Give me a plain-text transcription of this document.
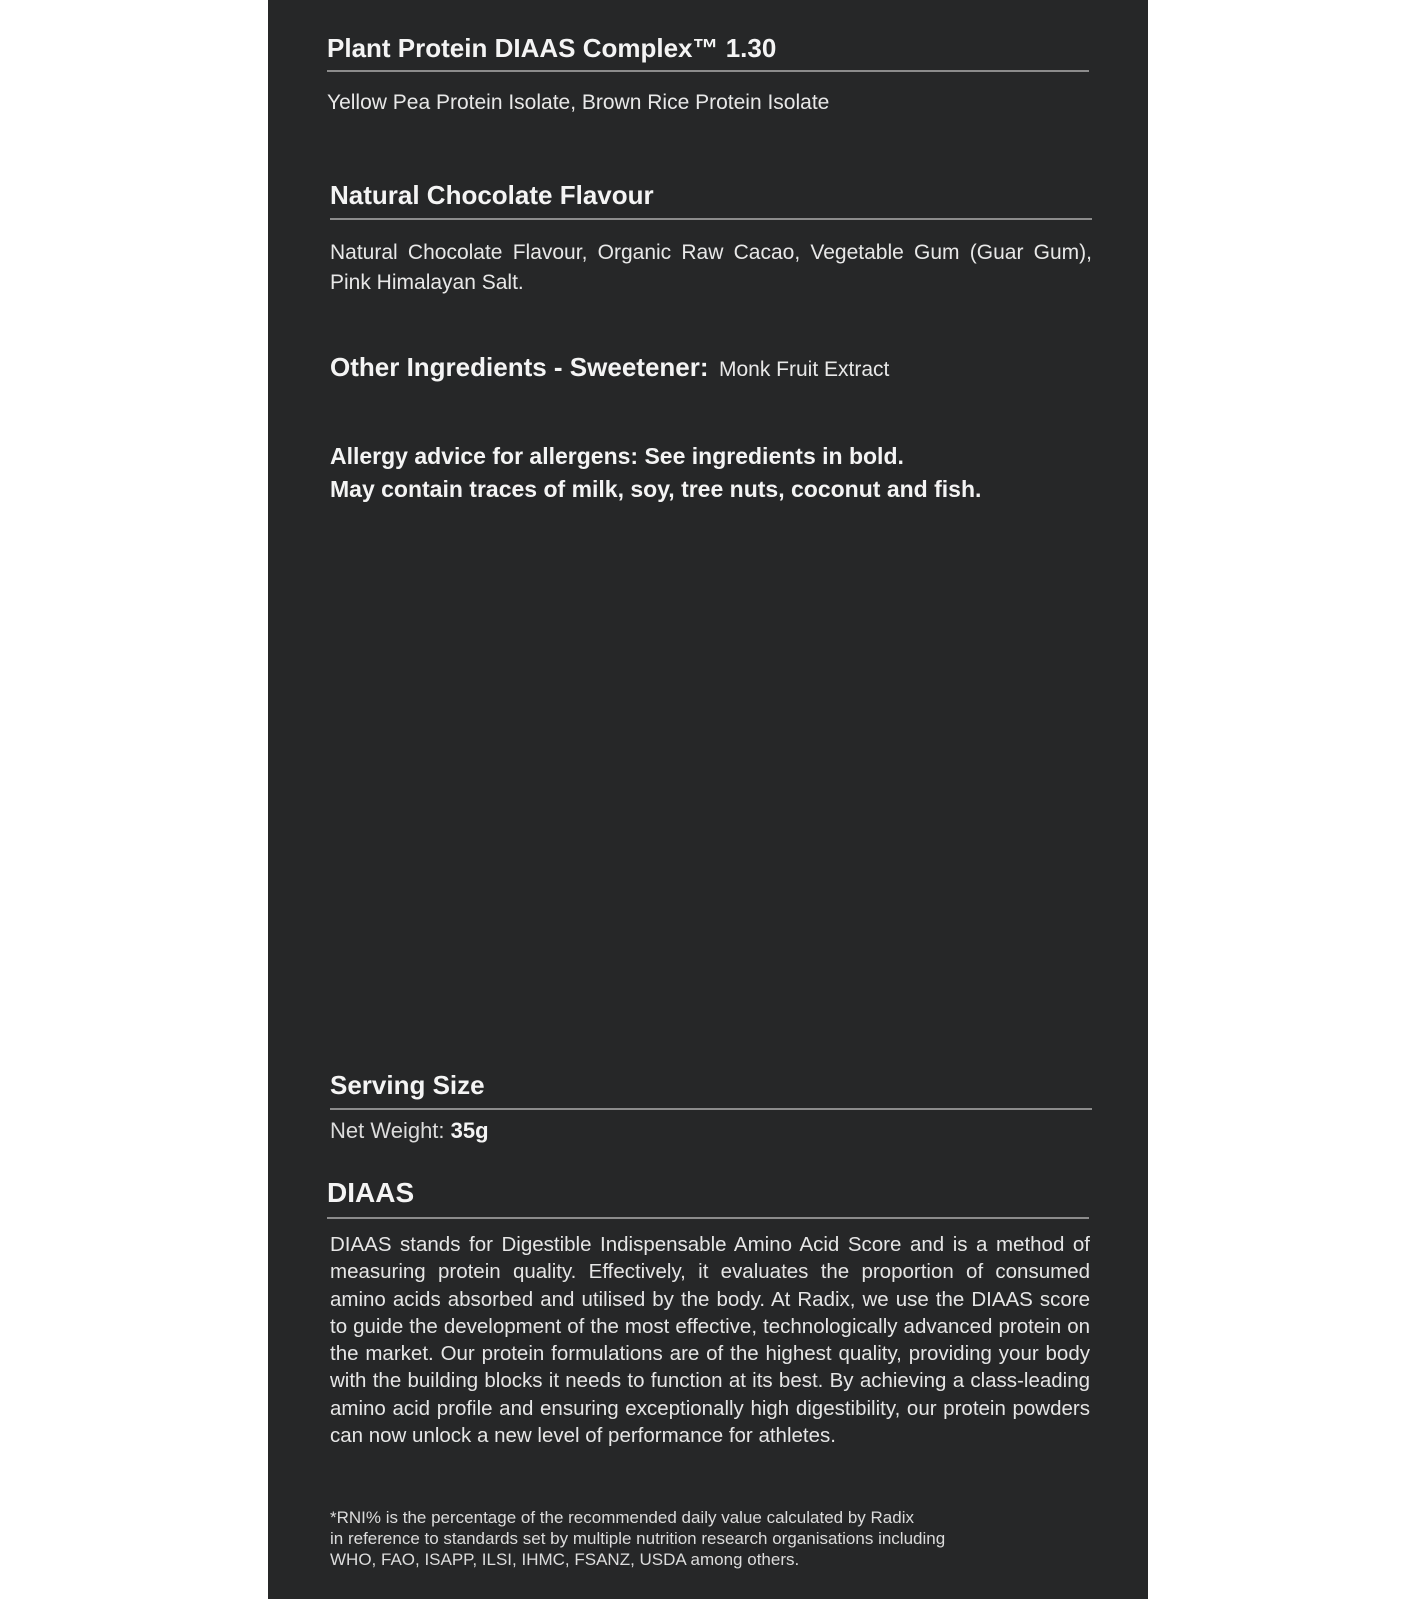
Plant Protein DIAAS Complex™ 1.30
Yellow Pea Protein Isolate, Brown Rice Protein Isolate
Natural Chocolate Flavour
Natural Chocolate Flavour, Organic Raw Cacao, Vegetable Gum (Guar Gum), Pink Himalayan Salt.
Other Ingredients - Sweetener: Monk Fruit Extract
Allergy advice for allergens: See ingredients in bold.
May contain traces of milk, soy, tree nuts, coconut and fish.
Serving Size
Net Weight: 35g
DIAAS
DIAAS stands for Digestible Indispensable Amino Acid Score and is a method of measuring protein quality. Effectively, it evaluates the proportion of consumed amino acids absorbed and utilised by the body. At Radix, we use the DIAAS score to guide the development of the most effective, technologically advanced protein on the market. Our protein formulations are of the highest quality, providing your body with the building blocks it needs to function at its best. By achieving a class-leading amino acid profile and ensuring exceptionally high digestibility, our protein powders can now unlock a new level of performance for athletes.
*RNI% is the percentage of the recommended daily value calculated by Radix
in reference to standards set by multiple nutrition research organisations including
WHO, FAO, ISAPP, ILSI, IHMC, FSANZ, USDA among others.
